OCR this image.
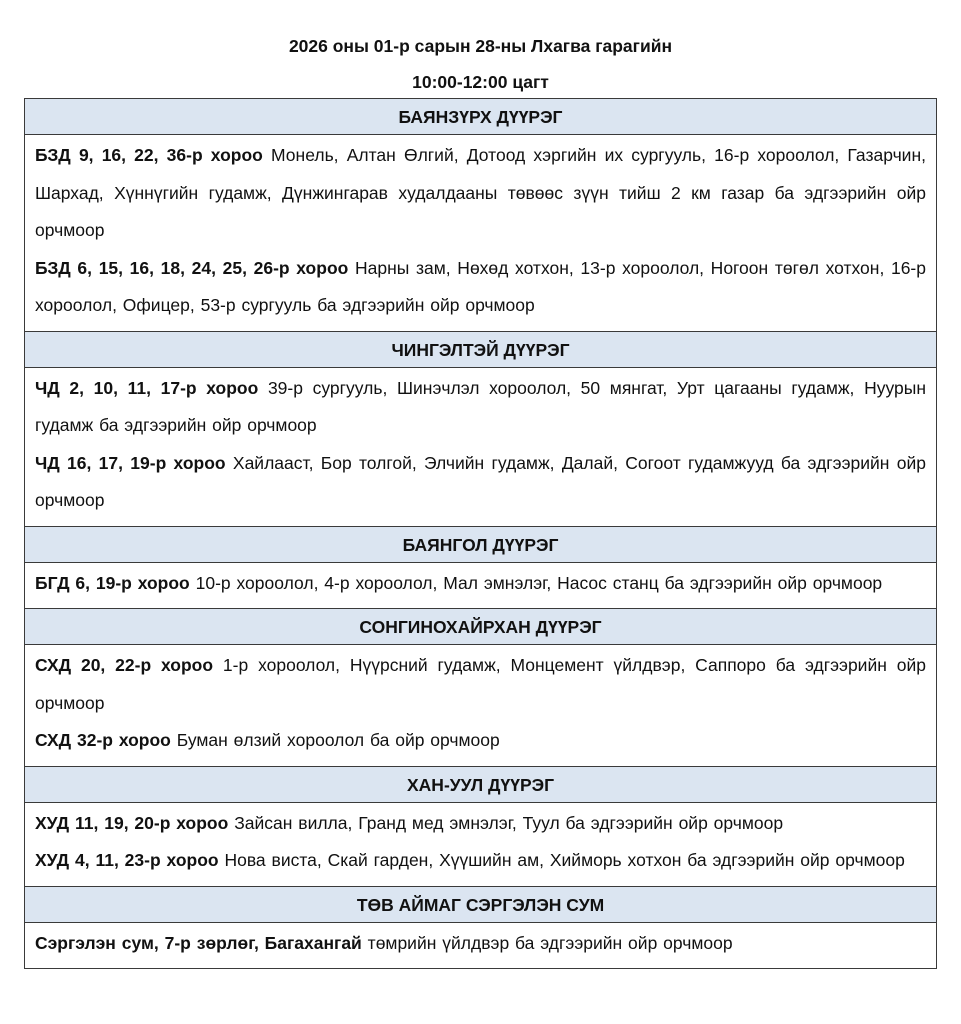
2026 оны 01-р сарын 28-ны Лхагва гарагийн
10:00-12:00 цагт
БАЯНЗҮРХ ДҮҮРЭГ

БЗД 9, 16, 22, 36-р хороо Монель, Алтан Өлгий, Дотоод хэргийн их сургууль, 16-р хороолол, Газарчин, Шархад, Хүннүгийн гудамж, Дүнжингарав худалдааны төвөөс зүүн тийш 2 км газар ба эдгээрийн ойр орчмоор
БЗД 6, 15, 16, 18, 24, 25, 26-р хороо Нарны зам, Нөхөд хотхон, 13-р хороолол, Ногоон төгөл хотхон, 16-р хороолол, Офицер, 53-р сургууль ба эдгээрийн ойр орчмоор

ЧИНГЭЛТЭЙ ДҮҮРЭГ

ЧД 2, 10, 11, 17-р хороо 39-р сургууль, Шинэчлэл хороолол, 50 мянгат, Урт цагааны гудамж, Нуурын гудамж ба эдгээрийн ойр орчмоор
ЧД 16, 17, 19-р хороо Хайлааст, Бор толгой, Элчийн гудамж, Далай, Согоот гудамжууд ба эдгээрийн ойр орчмоор

БАЯНГОЛ ДҮҮРЭГ

БГД 6, 19-р хороо 10-р хороолол, 4-р хороолол, Мал эмнэлэг, Насос станц ба эдгээрийн ойр орчмоор

СОНГИНОХАЙРХАН ДҮҮРЭГ

СХД 20, 22-р хороо 1-р хороолол, Нүүрсний гудамж, Монцемент үйлдвэр, Саппоро ба эдгээрийн ойр орчмоор
СХД 32-р хороо Буман өлзий хороолол ба ойр орчмоор

ХАН-УУЛ ДҮҮРЭГ

ХУД 11, 19, 20-р хороо Зайсан вилла, Гранд мед эмнэлэг, Туул ба эдгээрийн ойр орчмоор
ХУД 4, 11, 23-р хороо Нова виста, Скай гарден, Хүүшийн ам, Хийморь хотхон ба эдгээрийн ойр орчмоор

ТӨВ АЙМАГ СЭРГЭЛЭН СУМ

Сэргэлэн сум, 7-р зөрлөг, Багахангай төмрийн үйлдвэр ба эдгээрийн ойр орчмоор
